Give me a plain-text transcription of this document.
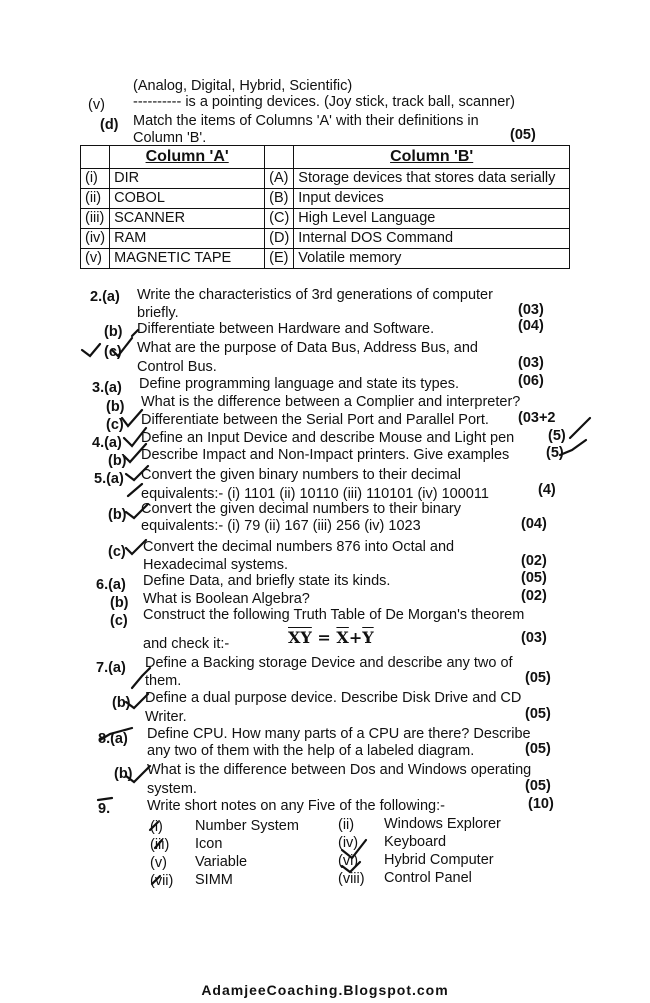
(Analog, Digital, Hybrid, Scientific)
(v) ---------- is a pointing devices. (Joy stick, track ball, scanner)
(d) Match the items of Columns 'A' with their definitions in
Column 'B'.	(05)
	Column 'A'		Column 'B'
(i)	DIR	(A)	Storage devices that stores data serially
(ii)	COBOL	(B)	Input devices
(iii)	SCANNER	(C)	High Level Language
(iv)	RAM	(D)	Internal DOS Command
(v)	MAGNETIC TAPE	(E)	Volatile memory
2.(a) Write the characteristics of 3rd generations of computer
briefly.	(03)
(b) Differentiate between Hardware and Software.	(04)
(c) What are the purpose of Data Bus, Address Bus, and
Control Bus.	(03)
3.(a) Define programming language and state its types.	(06)
(b) What is the difference between a Complier and interpreter?
(c) Differentiate between the Serial Port and Parallel Port. (03+2
4.(a) Define an Input Device and describe Mouse and Light pen (5)
(b) Describe Impact and Non-Impact printers. Give examples	(5)
5.(a) Convert the given binary numbers to their decimal
equivalents:- (i) 1101 (ii) 10110 (iii) 110101 (iv) 100011	(4)
(b) Convert the given decimal numbers to their binary
equivalents:- (i) 79 (ii) 167 (iii) 256 (iv) 1023	(04)
(c) Convert the decimal numbers 876 into Octal and
Hexadecimal systems.	(02)
6.(a) Define Data, and briefly state its kinds.	(05)
(b) What is Boolean Algebra?	(02)
(c) Construct the following Truth Table of De Morgan's theorem
and check it:-	$\overline{XY} = \overline{X}+\overline{Y}$	(03)
7.(a) Define a Backing storage Device and describe any two of
them.	(05)
(b) Define a dual purpose device. Describe Disk Drive and CD
Writer.	(05)
8.(a) Define CPU. How many parts of a CPU are there? Describe
any two of them with the help of a labeled diagram.	(05)
(b) What is the difference between Dos and Windows operating
system.	(05)
9.	Write short notes on any Five of the following:-	(10)
(i) Number System	(ii) Windows Explorer
(iii) Icon	(iv) Keyboard
(v) Variable	(vi) Hybrid Computer
(vii) SIMM	(viii) Control Panel
AdamjeeCoaching.Blogspot.com
